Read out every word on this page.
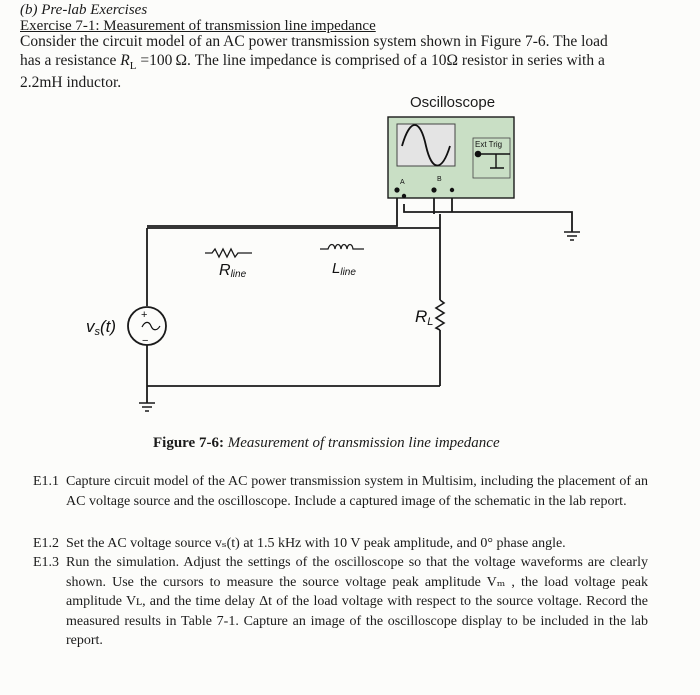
(b) Pre-lab Exercises
Exercise 7-1: Measurement of transmission line impedance
Consider the circuit model of an AC power transmission system shown in Figure 7-6. The load
has a resistance $R_L =100$ Ω. The line impedance is comprised of a 10Ω resistor in series with a
2.2mH inductor.
Oscilloscope
Ext Trig
A	B
Rline	Lline
RL
+
−
vs(t)
Figure 7-6: Measurement of transmission line impedance
E1.1 Capture circuit model of the AC power transmission system in Multisim, including the placement of an AC voltage source and the oscilloscope. Include a captured image of the schematic in the lab report.
E1.2 Set the AC voltage source vₛ(t) at 1.5 kHz with 10 V peak amplitude, and 0° phase angle.
E1.3 Run the simulation. Adjust the settings of the oscilloscope so that the voltage waveforms are clearly shown. Use the cursors to measure the source voltage peak amplitude Vₘ , the load voltage peak amplitude Vʟ, and the time delay Δt of the load voltage with respect to the source voltage. Record the measured results in Table 7-1. Capture an image of the oscilloscope display to be included in the lab report.
